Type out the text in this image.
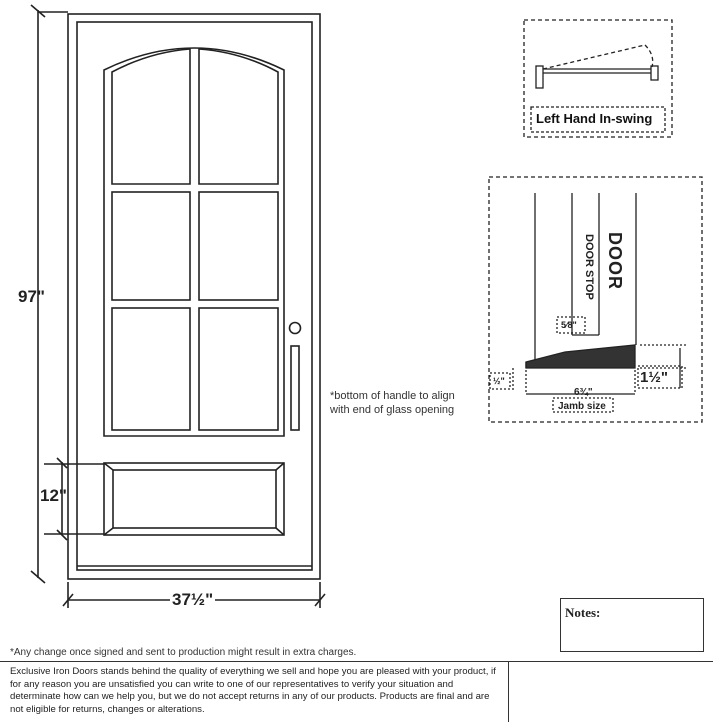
97"
12"
37½"
*bottom of handle to align with end of glass opening
Left Hand In-swing
DOOR
DOOR STOP
5⁄8"
½"	1½"
6¾"
Jamb size
Notes:
*Any change once signed and sent to production might result in extra charges.
Exclusive Iron Doors stands behind the quality of everything we sell and hope you are pleased with your product, if for any reason you are unsatisfied you can write to one of our representatives to verify your situation and determinate how can we help you, but we do not accept returns in any of our products. Products are final and are not eligible for returns, changes or alterations.
